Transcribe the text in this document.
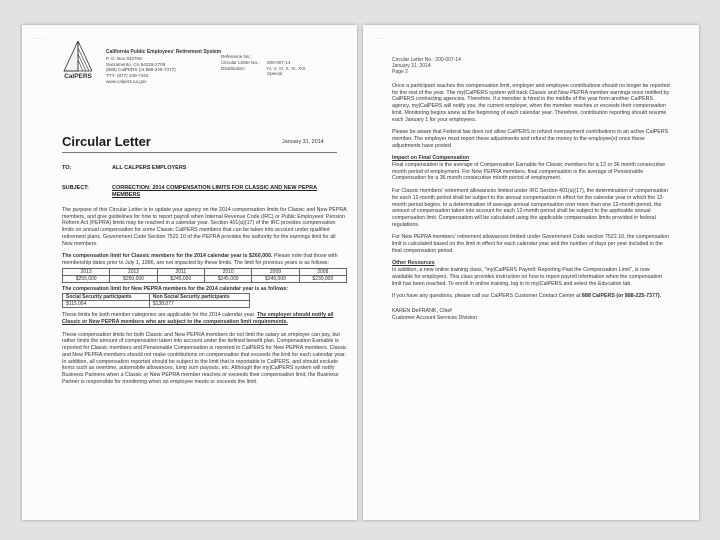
- - - - -
CalPERS
California Public Employees' Retirement System
P. O. Box 942709
Sacramento, CA 94229-2709
(888) CalPERS (or 888-225-7377)
TTY: (877) 249-7442
www.calpers.ca.gov
Reference No.:
Circular Letter No.: 200-007-14
Distribution:	IV, V, VI, X, XI, XVI
Special
Circular Letter	January 31, 2014
TO:	ALL CALPERS EMPLOYERS
SUBJECT:	CORRECTION: 2014 COMPENSATION LIMITS FOR CLASSIC AND NEW PEPRA MEMBERS
The purpose of this Circular Letter is to update your agency on the 2014 compensation limits for Classic and New PEPRA members, and give guidelines for how to report payroll when Internal Revenue Code (IRC) or Public Employees' Pension Reform Act (PEPRA) limits may be reached in a calendar year. Section 401(a)(17) of the IRC provides compensation limits on annual compensation for some Classic CalPERS members that can be taken into account under qualified retirement plans. Government Code Section 7522.10 of the PEPRA provides the authority for the earnings limit for all New members.
The compensation limit for Classic members for the 2014 calendar year is $260,000. Please note that those with membership dates prior to July 1, 1996, are not impacted by these limits. The limit for previous years is as follows:
2013	2012	2011	2010	2009	2008
$255,000	$250,000	$245,000	$245,000	$245,000	$230,000
The compensation limit for New PEPRA members for the 2014 calendar year is as follows:
Social Security participants	Non Social Security participants
$115,064	$138,077
These limits for both member categories are applicable for the 2014 calendar year. The employer should notify all Classic or New PEPRA members who are subject to the compensation limit requirements.
These compensation limits for both Classic and New PEPRA members do not limit the salary an employer can pay, but rather limits the amount of compensation taken into account under the defined benefit plan. Compensation Earnable is reported for Classic members and Pensionable Compensation is reported to CalPERS for New PEPRA members. Classic and New PEPRA members should not make contributions on compensation that exceeds the limit for each calendar year. In addition, all compensation reported should be subject to the limit that is reportable to CalPERS, and should exclude items such as overtime, automobile allowances, lump sum payouts, etc. Although the my|CalPERS system will notify Business Partners when a Classic or New PEPRA member reaches or exceeds their compensation limit, the Business Partner is responsible for monitoring when an employee meets or exceeds the limit.
- - - - -
Circular Letter No.: 200-007-14
January 31, 2014
Page 2
Once a participant reaches the compensation limit, employer and employee contributions should no longer be reported for the rest of the year. The my|CalPERS system will track Classic and New PEPRA member earnings once notified by CalPERS contracting agencies. Therefore, if a member is hired in the middle of the year from another CalPERS agency, my|CalPERS will notify you, the current employer, when the member reaches or exceeds their compensation limit. Monitoring begins anew at the beginning of each calendar year. Therefore, contribution reporting should resume each January 1 for your employees.
Please be aware that Federal law does not allow CalPERS to refund overpayment contributions to an active CalPERS member. The employer must report these adjustments and refund the money to the employee(s) once these adjustments have posted.
Impact on Final Compensation
Final compensation is the average of Compensation Earnable for Classic members for a 12 or 36 month consecutive month period of employment. For New PEPRA members, final compensation is the average of Pensionable Compensation for a 36 month consecutive month period of employment.
For Classic members' retirement allowances limited under IRC Section 401(a)(17), the determination of compensation for each 12-month period shall be subject to the annual compensation in effect for the calendar year in which the 12-month period begins. In a determination of average annual compensation over more than one 12-month period, the amount of compensation taken into account for each 12-month period shall be subject to the applicable annual compensation limit. Compensation will be calculated using the applicable compensation limits provided in federal regulations.
For New PEPRA members' retirement allowances limited under Government Code section 7522.10, the compensation limit is calculated based on the limit in effect for each calendar year and the number of days per year included in the final compensation period.
Other Resources
In addition, a new online training class, "my|CalPERS Payroll: Reporting Past the Compensation Limit", is now available for employers. This class provides instruction on how to report payroll information when the compensation limit has been reached. To enroll in online training, log in to my|CalPERS and select the Education tab.
If you have any questions, please call our CalPERS Customer Contact Center at 888 CalPERS (or 888-225-7377).
KAREN DeFRANK, Chief
Customer Account Services Division
